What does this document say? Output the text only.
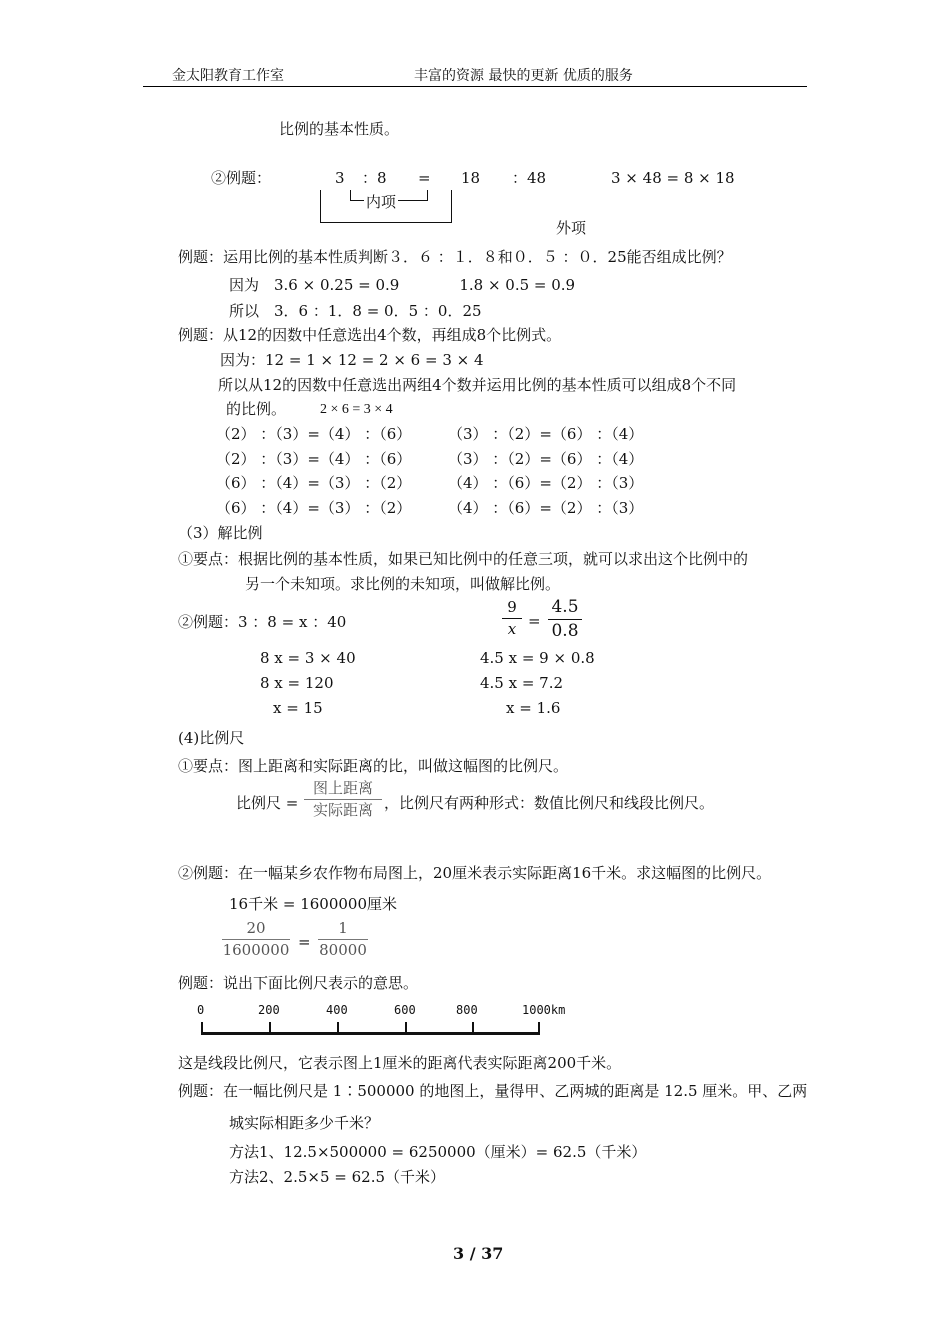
金太阳教育工作室	丰富的资源 最快的更新 优质的服务
比例的基本性质。
②例题：	3 ：8 = 18 ：48	3 × 48 = 8 × 18
内项
外项
例题：运用比例的基本性质判断３．６ ：１．８和０．５ ：０．25能否组成比例？
因为　3.6 × 0.25 = 0.9　　　　1.8 × 0.5 = 0.9
所以　3．6 ：1．8 = 0．5 ：0．25
例题：从12的因数中任意选出4个数，再组成8个比例式。
因为：12 = 1 × 12 = 2 × 6 = 3 × 4
所以从12的因数中任意选出两组4个数并运用比例的基本性质可以组成8个不同
的比例。 2 × 6 = 3 × 4
（2） ：（3）=（4） ：（6） （3） ：（2）=（6） ：（4）
（2） ：（3）=（4） ：（6） （3） ：（2）=（6） ：（4）
（6） ：（4）=（3） ：（2） （4） ：（6）=（2） ：（3）
（6） ：（4）=（3） ：（2） （4） ：（6）=（2） ：（3）
（3）解比例
①要点：根据比例的基本性质，如果已知比例中的任意三项，就可以求出这个比例中的
另一个未知项。求比例的未知项，叫做解比例。
②例题：3 ：8 = x ：40
9
x =
4.5
0.8
8 x = 3 × 40
8 x = 120
x = 15
4.5 x = 9 × 0.8
4.5 x = 7.2
x = 1.6
(4)比例尺
①要点：图上距离和实际距离的比，叫做这幅图的比例尺。
比例尺 =
图上距离
实际距离 ，比例尺有两种形式：数值比例尺和线段比例尺。
②例题：在一幅某乡农作物布局图上，20厘米表示实际距离16千米。求这幅图的比例尺。
16千米 = 1600000厘米
20
1600000 =
1
80000
例题：说出下面比例尺表示的意思。
0	200	400	600	800	1000km
这是线段比例尺，它表示图上1厘米的距离代表实际距离200千米。
例题：在一幅比例尺是 1∶500000 的地图上，量得甲、乙两城的距离是 12.5 厘米。甲、乙两
城实际相距多少千米？
方法1、12.5×500000 = 6250000（厘米）= 62.5（千米）
方法2、2.5×5 = 62.5（千米）
3 / 37
